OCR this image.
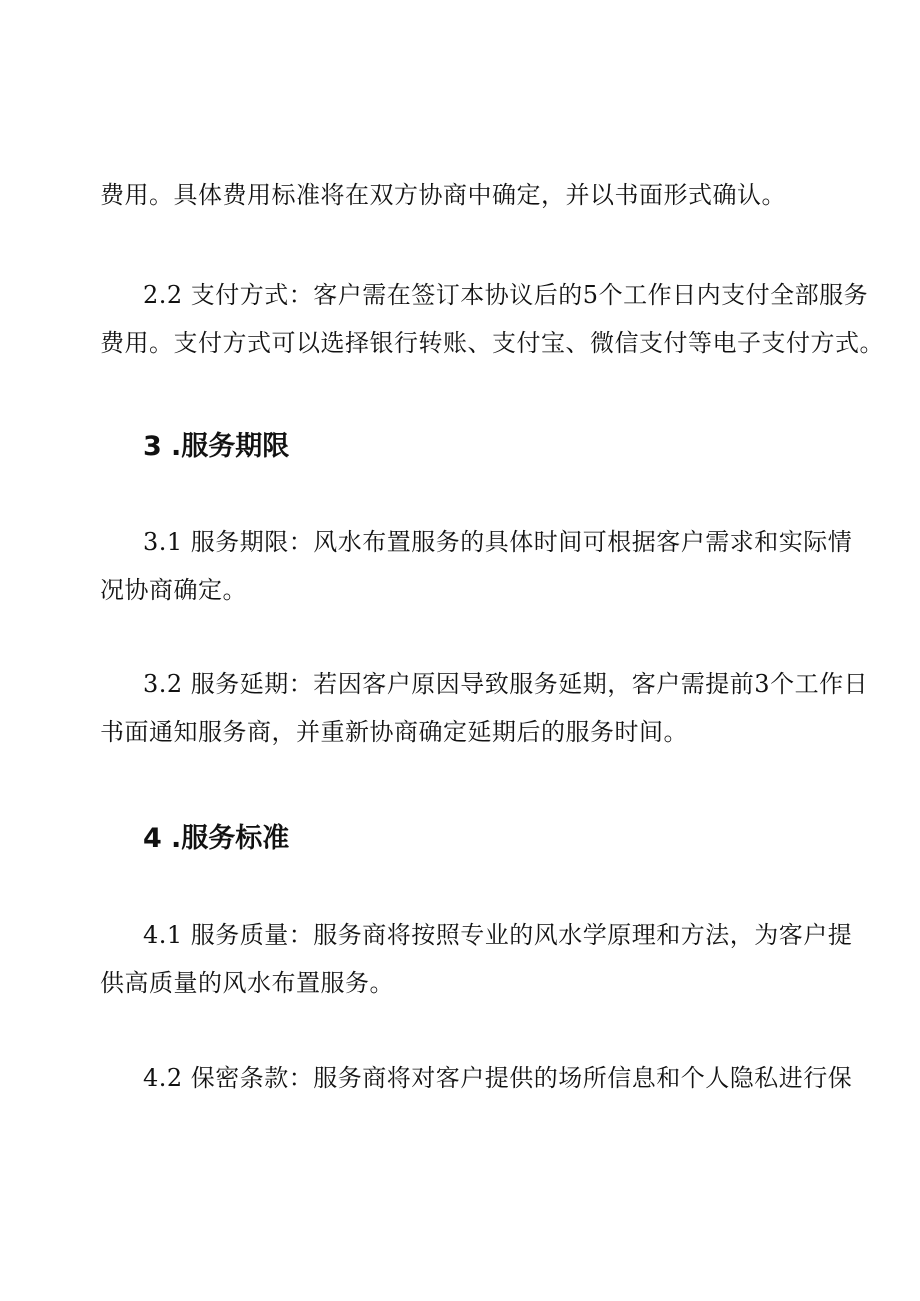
费用。具体费用标准将在双方协商中确定，并以书面形式确认。
2.2 支付方式：客户需在签订本协议后的5个工作日内支付全部服务
费用。支付方式可以选择银行转账、支付宝、微信支付等电子支付方式。
3 .服务期限
3.1 服务期限：风水布置服务的具体时间可根据客户需求和实际情
况协商确定。
3.2 服务延期：若因客户原因导致服务延期，客户需提前3个工作日
书面通知服务商，并重新协商确定延期后的服务时间。
4 .服务标准
4.1 服务质量：服务商将按照专业的风水学原理和方法，为客户提
供高质量的风水布置服务。
4.2 保密条款：服务商将对客户提供的场所信息和个人隐私进行保
